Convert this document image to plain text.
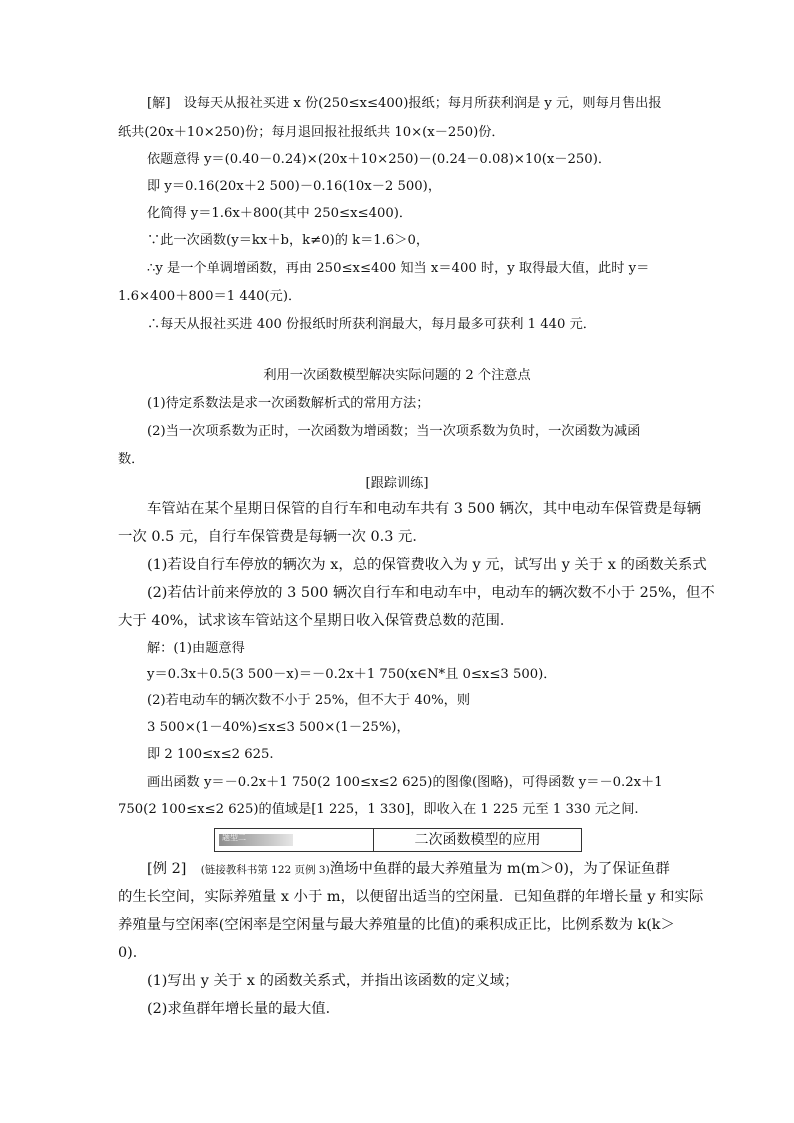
[解]　设每天从报社买进 x 份(250≤x≤400)报纸；每月所获利润是 y 元，则每月售出报
纸共(20x＋10×250)份；每月退回报社报纸共 10×(x－250)份．
依题意得 y＝(0.40－0.24)×(20x＋10×250)－(0.24－0.08)×10(x－250)．
即 y＝0.16(20x＋2 500)－0.16(10x－2 500)，
化简得 y＝1.6x＋800(其中 250≤x≤400)．
∵此一次函数(y＝kx＋b，k≠0)的 k＝1.6＞0，
∴y 是一个单调增函数，再由 250≤x≤400 知当 x＝400 时，y 取得最大值，此时 y＝
1.6×400＋800＝1 440(元)．
∴每天从报社买进 400 份报纸时所获利润最大，每月最多可获利 1 440 元．
利用一次函数模型解决实际问题的 2 个注意点
(1)待定系数法是求一次函数解析式的常用方法；
(2)当一次项系数为正时，一次函数为增函数；当一次项系数为负时，一次函数为减函
数．
[跟踪训练]
车管站在某个星期日保管的自行车和电动车共有 3 500 辆次，其中电动车保管费是每辆
一次 0.5 元，自行车保管费是每辆一次 0.3 元．
(1)若设自行车停放的辆次为 x，总的保管费收入为 y 元，试写出 y 关于 x 的函数关系式
(2)若估计前来停放的 3 500 辆次自行车和电动车中，电动车的辆次数不小于 25%，但不
大于 40%，试求该车管站这个星期日收入保管费总数的范围．
解：(1)由题意得
y＝0.3x＋0.5(3 500－x)＝－0.2x＋1 750(x∈N*且 0≤x≤3 500)．
(2)若电动车的辆次数不小于 25%，但不大于 40%，则
3 500×(1－40%)≤x≤3 500×(1－25%)，
即 2 100≤x≤2 625.
画出函数 y＝－0.2x＋1 750(2 100≤x≤2 625)的图像(图略)，可得函数 y＝－0.2x＋1
750(2 100≤x≤2 625)的值域是[1 225，1 330]，即收入在 1 225 元至 1 330 元之间.
题型二	二次函数模型的应用
[例 2]　(链接教科书第 122 页例 3)渔场中鱼群的最大养殖量为 m(m＞0)，为了保证鱼群
的生长空间，实际养殖量 x 小于 m，以便留出适当的空闲量．已知鱼群的年增长量 y 和实际
养殖量与空闲率(空闲率是空闲量与最大养殖量的比值)的乘积成正比，比例系数为 k(k＞
0)．
(1)写出 y 关于 x 的函数关系式，并指出该函数的定义域；
(2)求鱼群年增长量的最大值．
